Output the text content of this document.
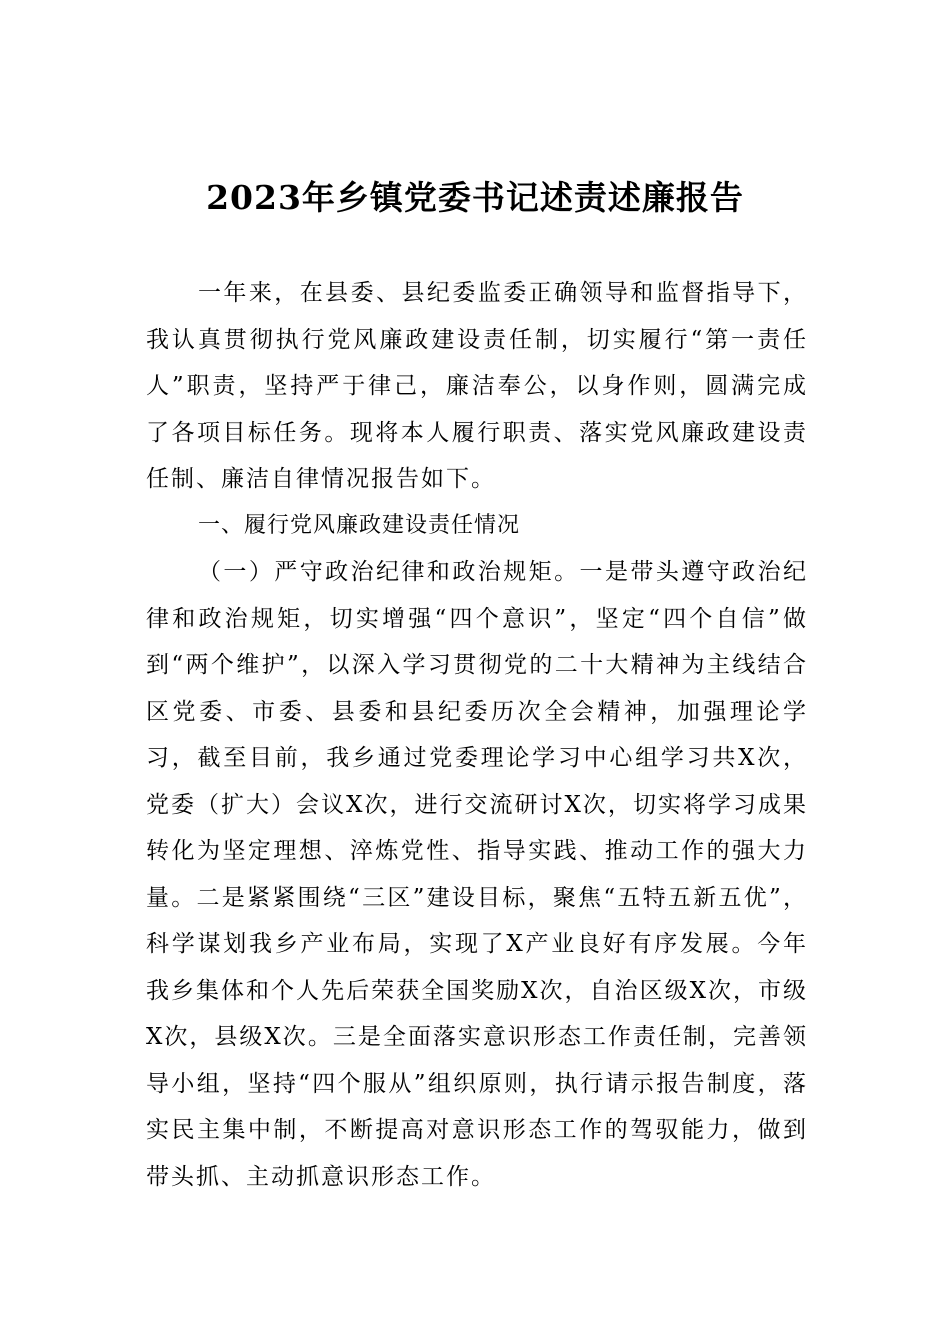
2023年乡镇党委书记述责述廉报告

一年来，在县委、县纪委监委正确领导和监督指导下，我认真贯彻执行党风廉政建设责任制，切实履行“第一责任人”职责，坚持严于律己，廉洁奉公，以身作则，圆满完成了各项目标任务。现将本人履行职责、落实党风廉政建设责任制、廉洁自律情况报告如下。

一、履行党风廉政建设责任情况

（一）严守政治纪律和政治规矩。一是带头遵守政治纪律和政治规矩，切实增强“四个意识”，坚定“四个自信”做到“两个维护”，以深入学习贯彻党的二十大精神为主线结合区党委、市委、县委和县纪委历次全会精神，加强理论学习，截至目前，我乡通过党委理论学习中心组学习共X次，党委（扩大）会议X次，进行交流研讨X次，切实将学习成果转化为坚定理想、淬炼党性、指导实践、推动工作的强大力量。二是紧紧围绕“三区”建设目标，聚焦“五特五新五优”，科学谋划我乡产业布局，实现了X产业良好有序发展。今年我乡集体和个人先后荣获全国奖励X次，自治区级X次，市级X次，县级X次。三是全面落实意识形态工作责任制，完善领导小组，坚持“四个服从”组织原则，执行请示报告制度，落实民主集中制，不断提高对意识形态工作的驾驭能力，做到带头抓、主动抓意识形态工作。
